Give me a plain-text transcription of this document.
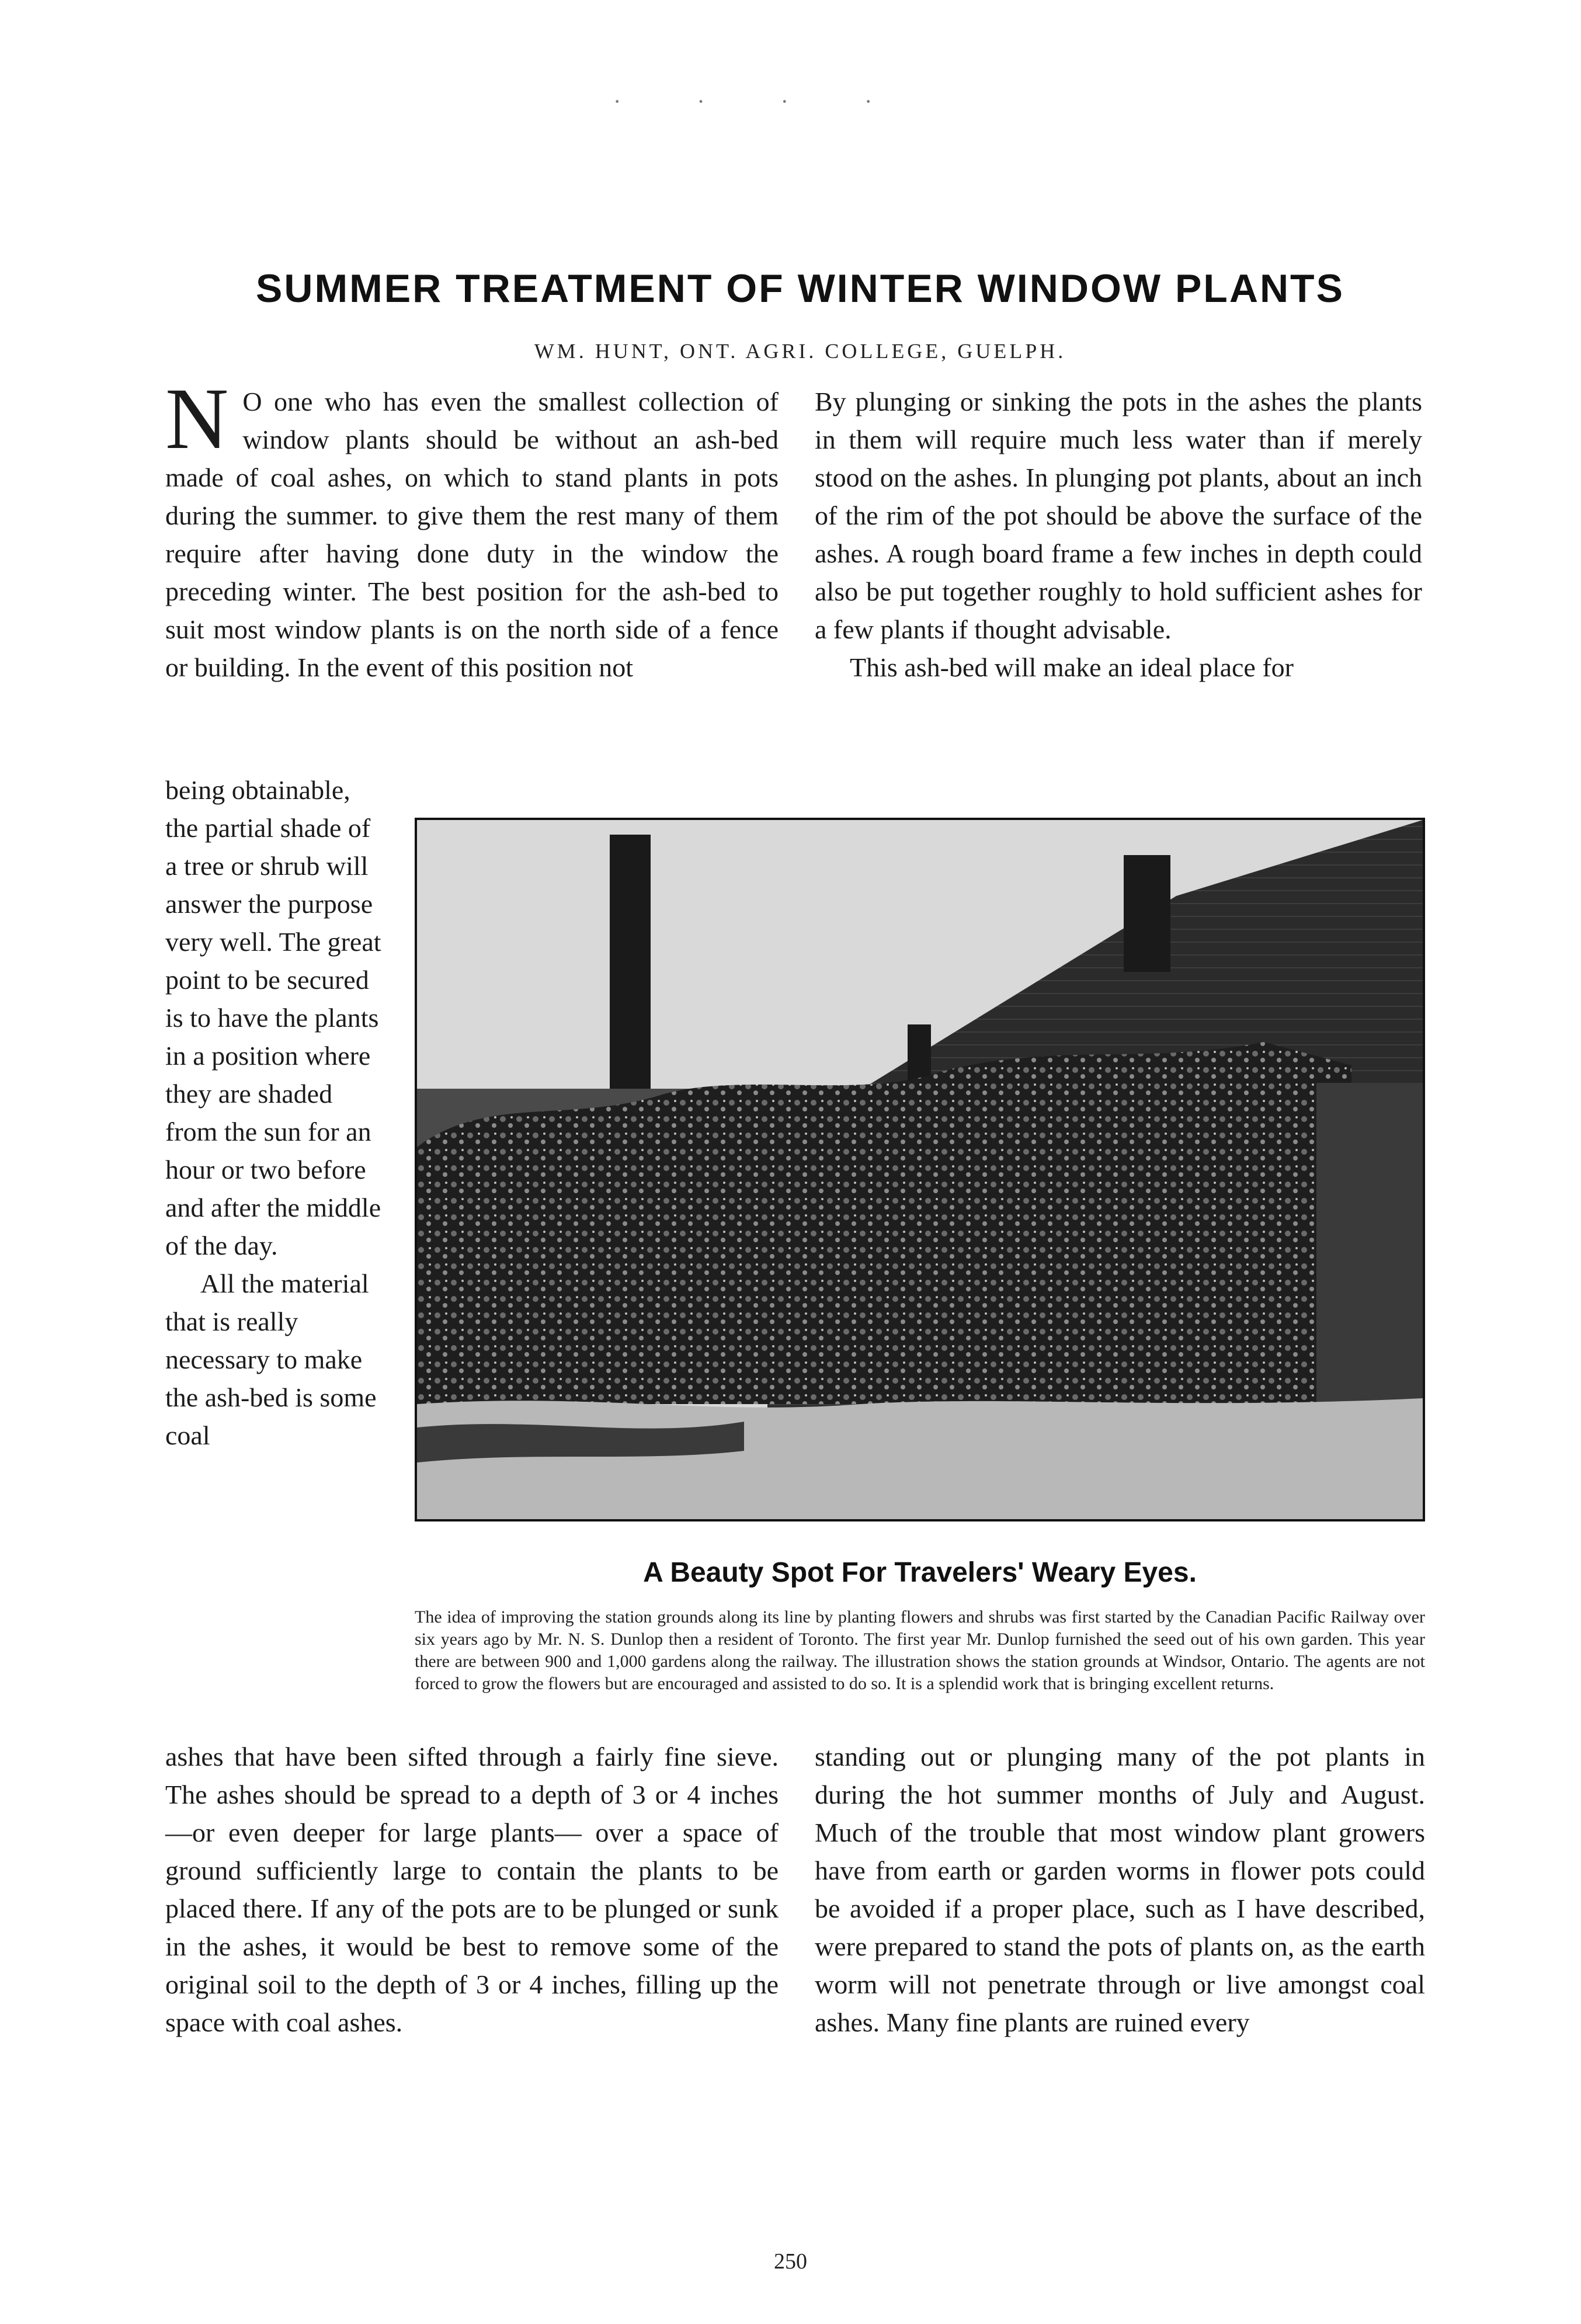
· · · ·
SUMMER TREATMENT OF WINTER WINDOW PLANTS
WM. HUNT, ONT. AGRI. COLLEGE, GUELPH.

N O one who has even the smallest collection of window plants should be without an ash-bed made of coal ashes, on which to stand plants in pots during the summer. to give them the rest many of them require after having done duty in the window the preceding winter. The best position for the ash-bed to suit most window plants is on the north side of a fence or building. In the event of this position not

By plunging or sinking the pots in the ashes the plants in them will require much less water than if merely stood on the ashes. In plunging pot plants, about an inch of the rim of the pot should be above the surface of the ashes. A rough board frame a few inches in depth could also be put together roughly to hold sufficient ashes for a few plants if thought advisable.

This ash-bed will make an ideal place for

being obtainable, the partial shade of a tree or shrub will answer the purpose very well. The great point to be secured is to have the plants in a position where they are shaded from the sun for an hour or two before and after the middle of the day.

All the material that is really necessary to make the ash-bed is some coal

A Beauty Spot For Travelers' Weary Eyes.
The idea of improving the station grounds along its line by planting flowers and shrubs was first started by the Canadian Pacific Railway over six years ago by Mr. N. S. Dunlop then a resident of Toronto. The first year Mr. Dunlop furnished the seed out of his own garden. This year there are between 900 and 1,000 gardens along the railway. The illustration shows the station grounds at Windsor, Ontario. The agents are not forced to grow the flowers but are encouraged and assisted to do so. It is a splendid work that is bringing excellent returns.

ashes that have been sifted through a fairly fine sieve. The ashes should be spread to a depth of 3 or 4 inches —or even deeper for large plants— over a space of ground sufficiently large to contain the plants to be placed there. If any of the pots are to be plunged or sunk in the ashes, it would be best to remove some of the original soil to the depth of 3 or 4 inches, filling up the space with coal ashes.

standing out or plunging many of the pot plants in during the hot summer months of July and August. Much of the trouble that most window plant growers have from earth or garden worms in flower pots could be avoided if a proper place, such as I have described, were prepared to stand the pots of plants on, as the earth worm will not penetrate through or live amongst coal ashes. Many fine plants are ruined every

250
